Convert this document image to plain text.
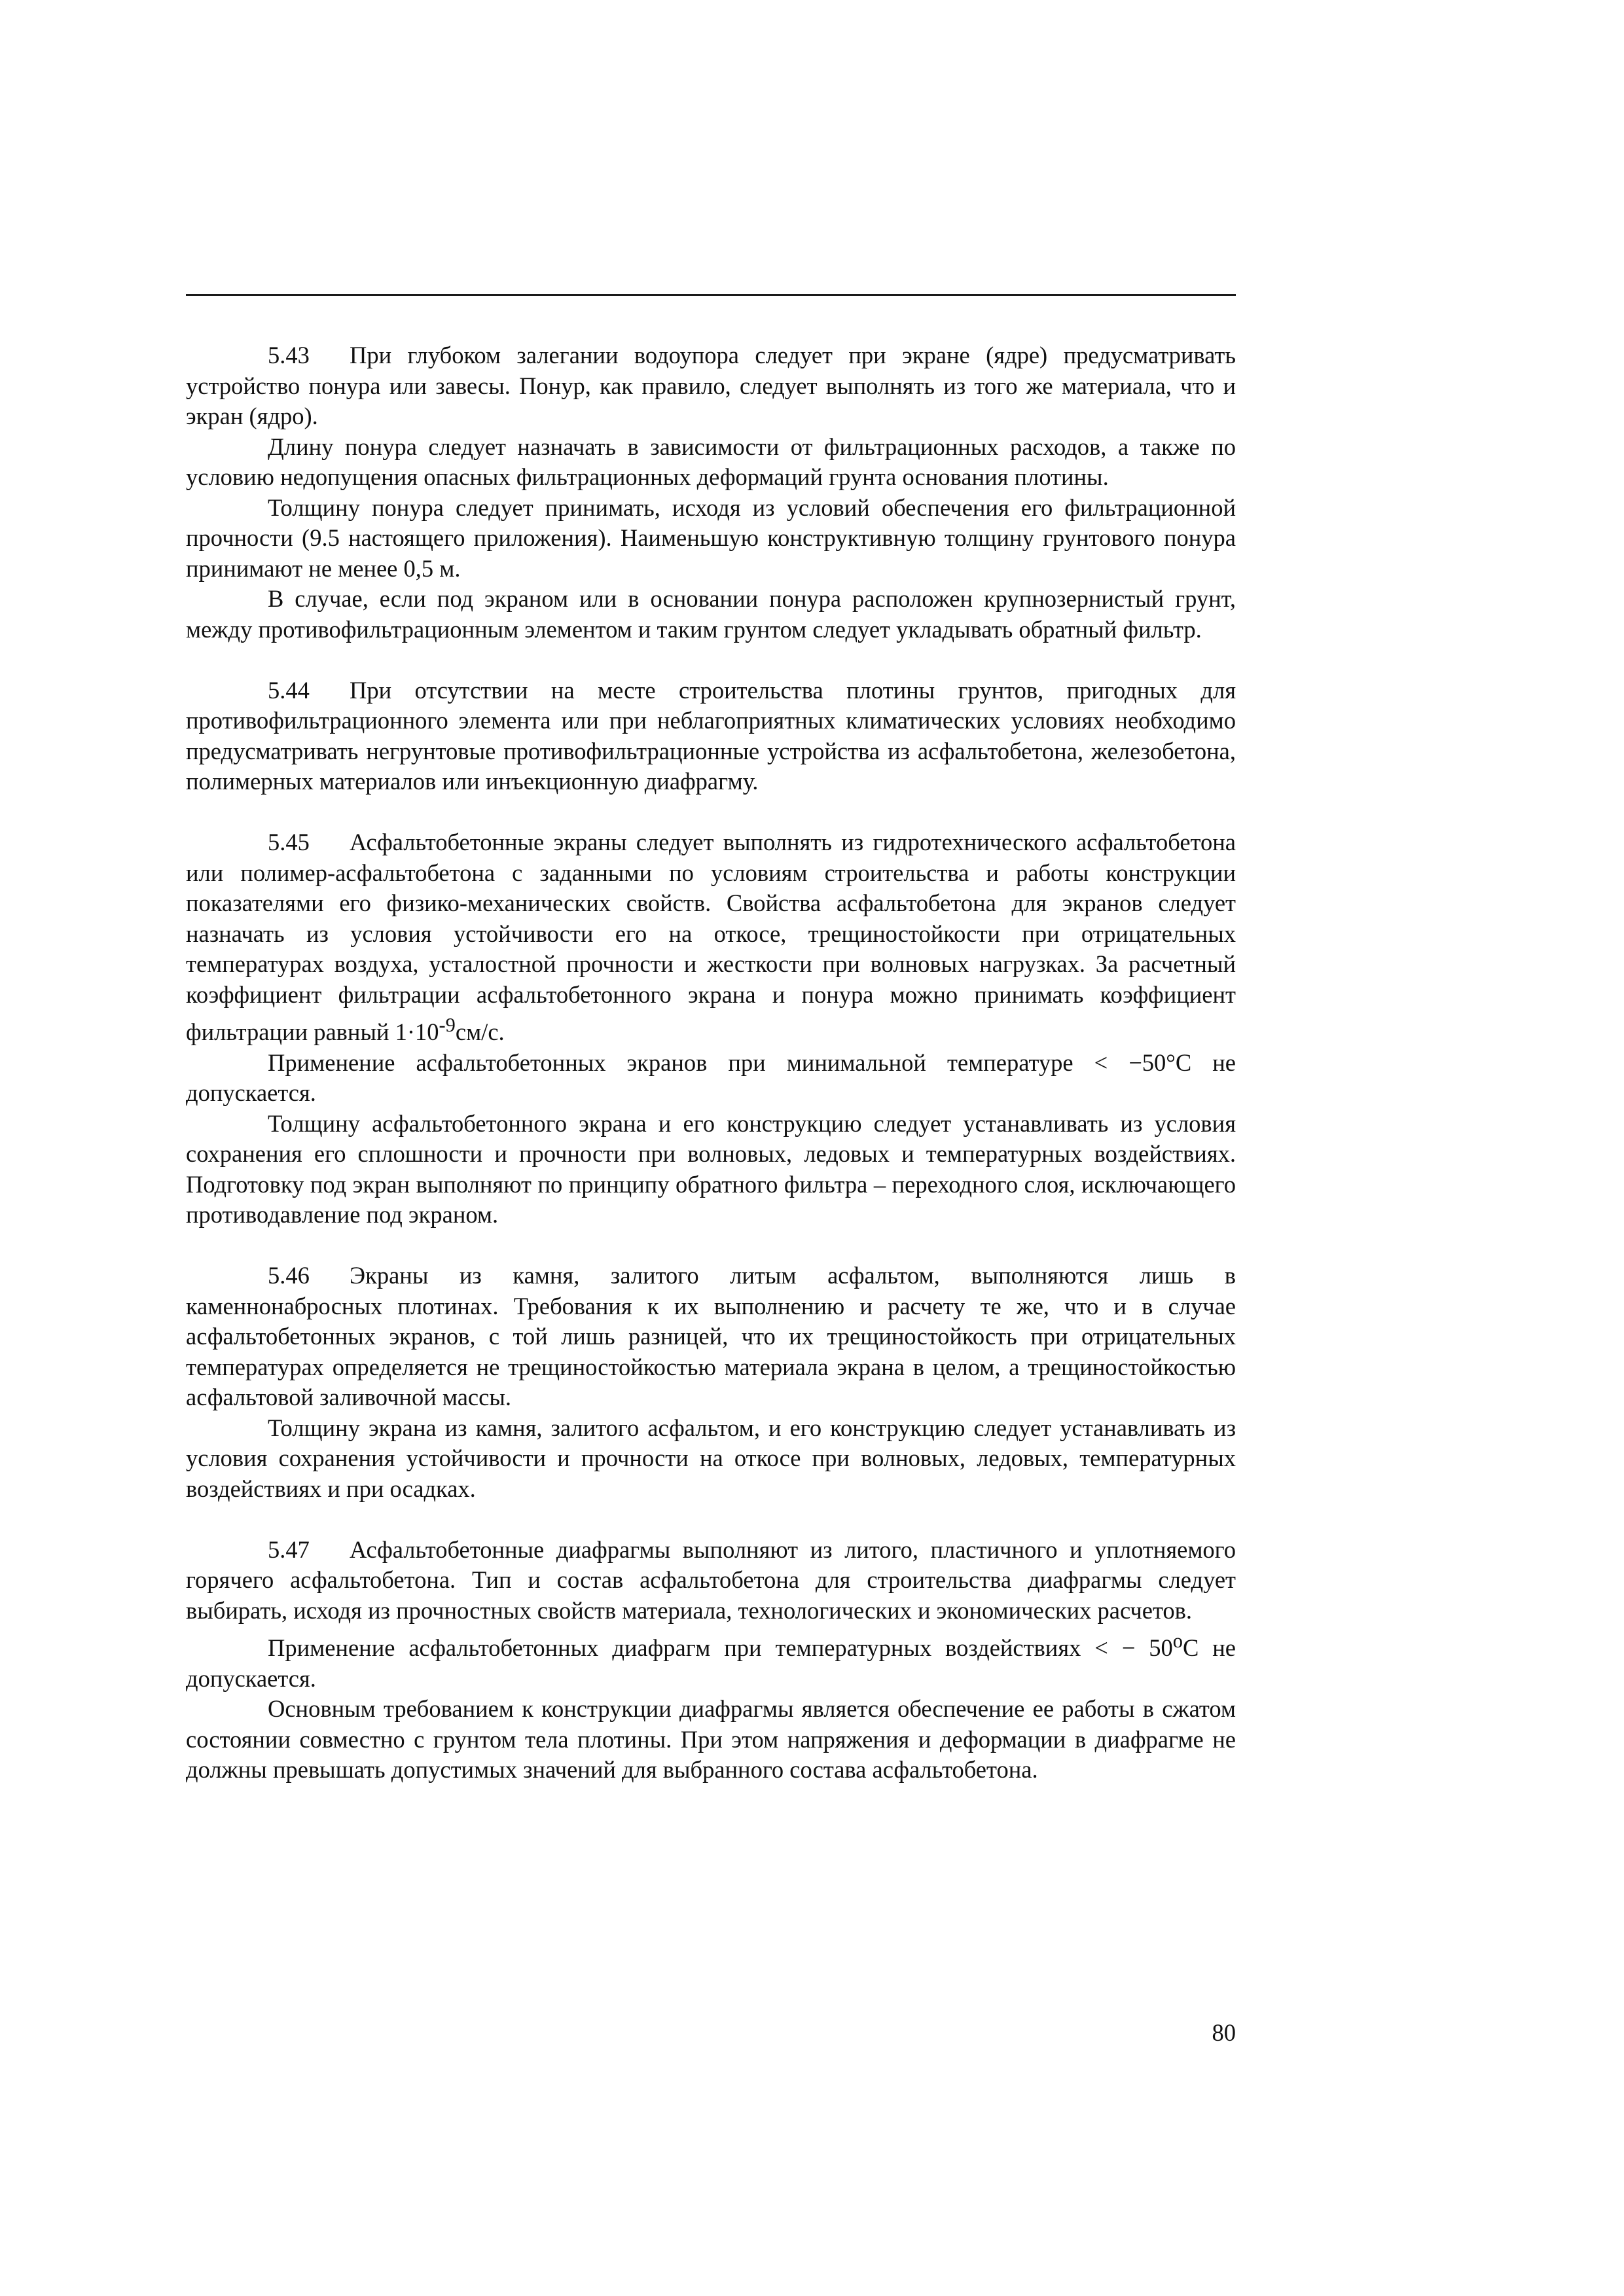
5.43 При глубоком залегании водоупора следует при экране (ядре) предусматривать устройство понура или завесы. Понур, как правило, следует выполнять из того же материала, что и экран (ядро).

Длину понура следует назначать в зависимости от фильтрационных расходов, а также по условию недопущения опасных фильтрационных деформаций грунта основания плотины.

Толщину понура следует принимать, исходя из условий обеспечения его фильтрационной прочности (9.5 настоящего приложения). Наименьшую конструктивную толщину грунтового понура принимают не менее 0,5 м.

В случае, если под экраном или в основании понура расположен крупнозернистый грунт, между противофильтрационным элементом и таким грунтом следует укладывать обратный фильтр.

5.44 При отсутствии на месте строительства плотины грунтов, пригодных для противофильтрационного элемента или при неблагоприятных климатических условиях необходимо предусматривать негрунтовые противофильтрационные устройства из асфальтобетона, железобетона, полимерных материалов или инъекционную диафрагму.

5.45 Асфальтобетонные экраны следует выполнять из гидротехнического асфальтобетона или полимер-асфальтобетона с заданными по условиям строительства и работы конструкции показателями его физико-механических свойств. Свойства асфальтобетона для экранов следует назначать из условия устойчивости его на откосе, трещиностойкости при отрицательных температурах воздуха, усталостной прочности и жесткости при волновых нагрузках. За расчетный коэффициент фильтрации асфальтобетонного экрана и понура можно принимать коэффициент фильтрации равный $1\cdot 10^{-9}см/с$.

Применение асфальтобетонных экранов при минимальной температуре < −50°C не допускается.

Толщину асфальтобетонного экрана и его конструкцию следует устанавливать из условия сохранения его сплошности и прочности при волновых, ледовых и температурных воздействиях. Подготовку под экран выполняют по принципу обратного фильтра – переходного слоя, исключающего противодавление под экраном.

5.46 Экраны из камня, залитого литым асфальтом, выполняются лишь в каменнонабросных плотинах. Требования к их выполнению и расчету те же, что и в случае асфальтобетонных экранов, с той лишь разницей, что их трещиностойкость при отрицательных температурах определяется не трещиностойкостью материала экрана в целом, а трещиностойкостью асфальтовой заливочной массы.

Толщину экрана из камня, залитого асфальтом, и его конструкцию следует устанавливать из условия сохранения устойчивости и прочности на откосе при волновых, ледовых, температурных воздействиях и при осадках.

5.47 Асфальтобетонные диафрагмы выполняют из литого, пластичного и уплотняемого горячего асфальтобетона. Тип и состав асфальтобетона для строительства диафрагмы следует выбирать, исходя из прочностных свойств материала, технологических и экономических расчетов.

Применение асфальтобетонных диафрагм при температурных воздействиях < − $50^oС$ не допускается.

Основным требованием к конструкции диафрагмы является обеспечение ее работы в сжатом состоянии совместно с грунтом тела плотины. При этом напряжения и деформации в диафрагме не должны превышать допустимых значений для выбранного состава асфальтобетона.

80
